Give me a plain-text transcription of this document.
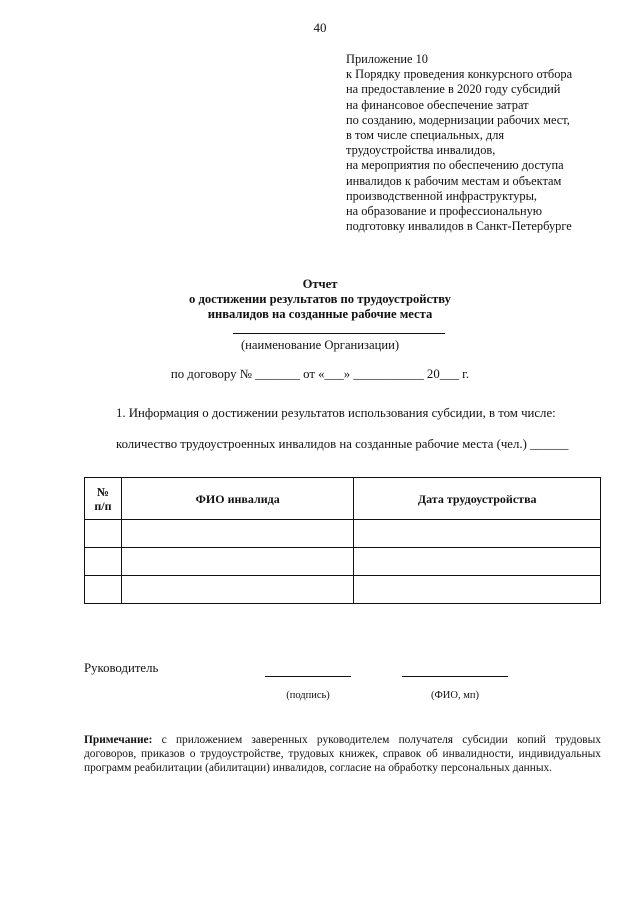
40
Приложение 10
к Порядку проведения конкурсного отбора
на предоставление в 2020 году субсидий
на финансовое обеспечение затрат
по созданию, модернизации рабочих мест,
в том числе специальных, для
трудоустройства инвалидов,
на мероприятия по обеспечению доступа
инвалидов к рабочим местам и объектам
производственной инфраструктуры,
на образование и профессиональную
подготовку инвалидов в Санкт-Петербурге
Отчет
о достижении результатов по трудоустройству
инвалидов на созданные рабочие места
(наименование Организации)
по договору № _______ от «___» ___________ 20___ г.
1. Информация о достижении результатов использования субсидии, в том числе:
количество трудоустроенных инвалидов на созданные рабочие места (чел.) ______
№
п/п	ФИО инвалида	Дата трудоустройства

Руководитель
(подпись)	(ФИО, мп)
Примечание: с приложением заверенных руководителем получателя субсидии копий трудовых договоров, приказов о трудоустройстве, трудовых книжек, справок об инвалидности, индивидуальных программ реабилитации (абилитации) инвалидов, согласие на обработку персональных данных.
